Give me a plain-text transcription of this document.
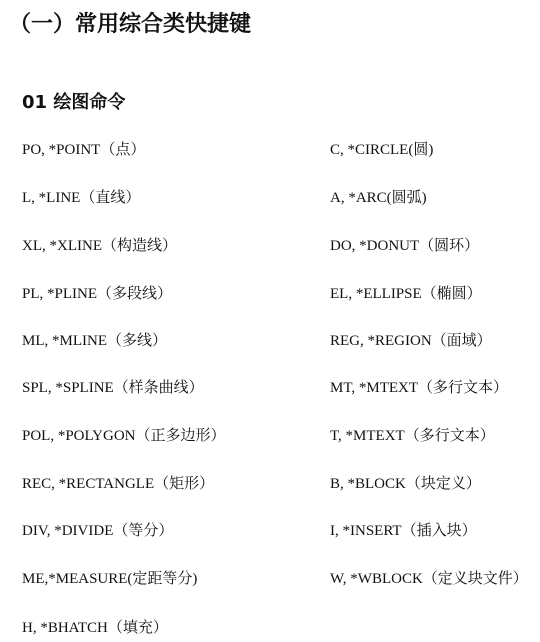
（一）常用综合类快捷键
01 绘图命令
PO, *POINT（点）	C, *CIRCLE(圆)
L, *LINE（直线）	A, *ARC(圆弧)
XL, *XLINE（构造线）	DO, *DONUT（圆环）
PL, *PLINE（多段线）	EL, *ELLIPSE（椭圆）
ML, *MLINE（多线）	REG, *REGION（面域）
SPL, *SPLINE（样条曲线）	MT, *MTEXT（多行文本）
POL, *POLYGON（正多边形）	T, *MTEXT（多行文本）
REC, *RECTANGLE（矩形）	B, *BLOCK（块定义）
DIV, *DIVIDE（等分）	I, *INSERT（插入块）
ME,*MEASURE(定距等分)	W, *WBLOCK（定义块文件）
H, *BHATCH（填充）
